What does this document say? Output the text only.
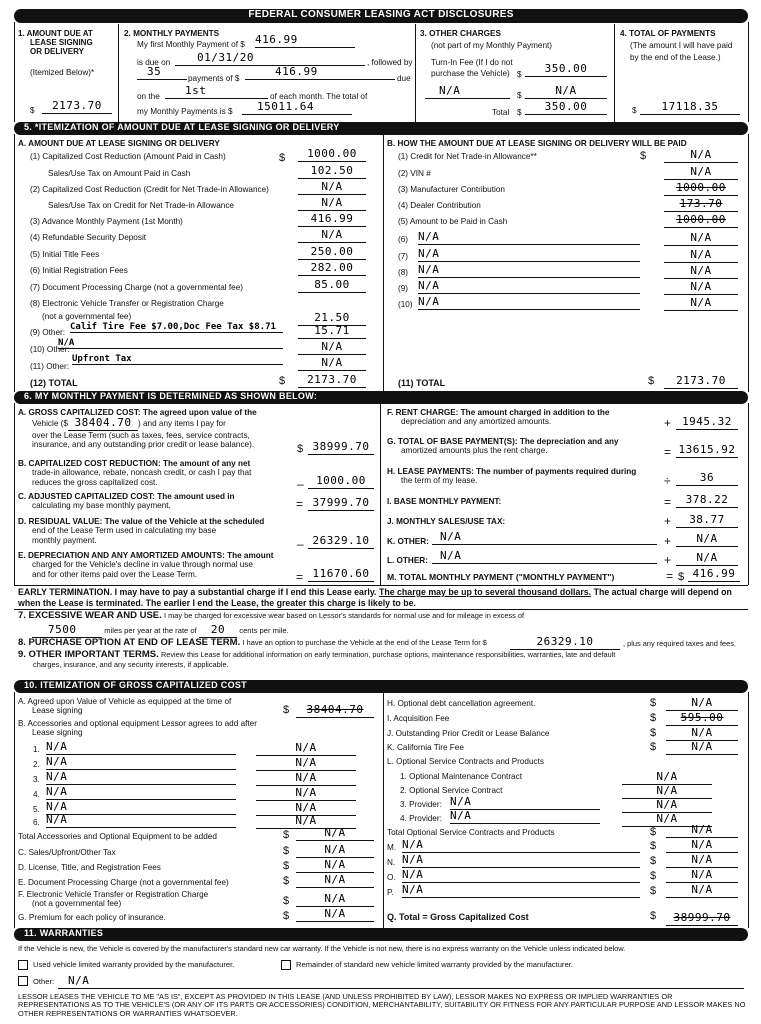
FEDERAL CONSUMER LEASING ACT DISCLOSURES
1. AMOUNT DUE AT
LEASE SIGNING
OR DELIVERY
(Itemized Below)*
$	2173.70
2. MONTHLY PAYMENTS
My first Monthly Payment of $ 416.99
is due on	01/31/20	, followed by
35
payments of $
416.99
due
on the	1st	of each month. The total of
my Monthly Payments is $	15011.64
3. OTHER CHARGES
(not part of my Monthly Payment)
Turn-In Fee (If I do not
purchase the Vehicle) $	350.00
N/A	$	N/A
Total $	350.00
4. TOTAL OF PAYMENTS
(The amount I will have paid
by the end of the Lease.)
$	17118.35
5. *ITEMIZATION OF AMOUNT DUE AT LEASE SIGNING OR DELIVERY
A. AMOUNT DUE AT LEASE SIGNING OR DELIVERY
$
(8) Electronic Vehicle Transfer or Registration Charge
(not a governmental fee)	21.50
(9) Other:
Calif Tire Fee $7.00,Doc Fee Tax $8.71	15.71
(10) Other:
N/A	N/A
(11) Other:
Upfront Tax	N/A
(12) TOTAL	$	2173.70
B. HOW THE AMOUNT DUE AT LEASE SIGNING OR DELIVERY WILL BE PAID
$
(11) TOTAL	$	2173.70
6. MY MONTHLY PAYMENT IS DETERMINED AS SHOWN BELOW:
A. GROSS CAPITALIZED COST: The agreed upon value of the
Vehicle ($ 38404.70 ) and any items I pay for
over the Lease Term (such as taxes, fees, service contracts,
insurance, and any outstanding prior credit or lease balance).	$ 38999.70
B. CAPITALIZED COST REDUCTION: The amount of any net
trade-in allowance, rebate, noncash credit, or cash I pay that
reduces the gross capitalized cost.	–	1000.00
C. ADJUSTED CAPITALIZED COST: The amount used in
calculating my base monthly payment.	= 37999.70
D. RESIDUAL VALUE: The value of the Vehicle at the scheduled
end of the Lease Term used in calculating my base
monthly payment.	– 26329.10
E. DEPRECIATION AND ANY AMORTIZED AMOUNTS: The amount
charged for the Vehicle's decline in value through normal use
and for other items paid over the Lease Term.	= 11670.60
F. RENT CHARGE: The amount charged in addition to the
depreciation and any amortized amounts.	+	1945.32
G. TOTAL OF BASE PAYMENT(S): The depreciation and any
amortized amounts plus the rent charge.	= 13615.92
H. LEASE PAYMENTS: The number of payments required during
the term of my lease.	÷	36
I. BASE MONTHLY PAYMENT:	=	378.22
J. MONTHLY SALES/USE TAX:	+	38.77
K. OTHER:	N/A	+	N/A
L. OTHER:	N/A	+	N/A
M. TOTAL MONTHLY PAYMENT ("MONTHLY PAYMENT")	= $ 416.99
EARLY TERMINATION. I may have to pay a substantial charge if I end this Lease early. The charge may be up to several thousand dollars. The actual charge will depend on when the Lease is terminated. The earlier I end the Lease, the greater this charge is likely to be.
7. EXCESSIVE WEAR AND USE. I may be charged for excessive wear based on Lessor's standards for normal use and for mileage in excess of
7500	miles per year at the rate of 20 cents per mile.
8. PURCHASE OPTION AT END OF LEASE TERM. I have an option to purchase the Vehicle at the end of the Lease Term for $	26329.10	, plus any required taxes and fees.
9. OTHER IMPORTANT TERMS. Review this Lease for additional information on early termination, purchase options, maintenance responsibilities, warranties, late and default
charges, insurance, and any security interests, if applicable.
10. ITEMIZATION OF GROSS CAPITALIZED COST
A. Agreed upon Value of Vehicle as equipped at the time of
Lease signing	$	38404.70
B. Accessories and optional equipment Lessor agrees to add after
Lease signing
Total Accessories and Optional Equipment to be added	$	N/A
F. Electronic Vehicle Transfer or Registration Charge
(not a governmental fee)	$	N/A
G. Premium for each policy of insurance.	$	N/A
L. Optional Service Contracts and Products
1. Optional Maintenance Contract	N/A
2. Optional Service Contract	N/A
3. Provider: N/A	N/A
4. Provider: N/A	N/A
Total Optional Service Contracts and Products	$	N/A
Q. Total = Gross Capitalized Cost	$	38999.70
11. WARRANTIES
If the Vehicle is new, the Vehicle is covered by the manufacturer's standard new car warranty. If the Vehicle is not new, there is no express warranty on the Vehicle unless indicated below.
Used vehicle limited warranty provided by the manufacturer.	Remainder of standard new vehicle limited warranty provided by the manufacturer.
Other:	N/A
LESSOR LEASES THE VEHICLE TO ME "AS IS", EXCEPT AS PROVIDED IN THIS LEASE (AND UNLESS PROHIBITED BY LAW), LESSOR MAKES NO EXPRESS OR IMPLIED WARRANTIES OR REPRESENTATIONS AS TO THE VEHICLE'S (OR ANY OF ITS PARTS OR ACCESSORIES) CONDITION, MERCHANTABILITY, SUITABILITY OR FITNESS FOR ANY PARTICULAR PURPOSE AND LESSOR MAKES NO OTHER REPRESENTATIONS OR WARRANTIES WHATSOEVER.
(1) Capitalized Cost Reduction (Amount Paid in Cash)	1000.00
Sales/Use Tax on Amount Paid in Cash	102.50
(2) Capitalized Cost Reduction (Credit for Net Trade-in Allowance)	N/A
Sales/Use Tax on Credit for Net Trade-in Allowance	N/A
(3) Advance Monthly Payment (1st Month)	416.99
(4) Refundable Security Deposit	N/A
(5) Initial Title Fees	250.00
(6) Initial Registration Fees	282.00
(7) Document Processing Charge (not a governmental fee)	85.00
(1) Credit for Net Trade-in Allowance**	N/A
(2) VIN #	N/A
(3) Manufacturer Contribution	1000.00
(4) Dealer Contribution	173.70
(5) Amount to be Paid in Cash	1000.00
(6) N/A	N/A
(7) N/A	N/A
(8) N/A	N/A
(9) N/A	N/A
(10) N/A	N/A
1. N/A	N/A
2. N/A	N/A
3. N/A	N/A
4. N/A	N/A
5. N/A	N/A
6. N/A	N/A
C. Sales/Upfront/Other Tax	$	N/A
D. License, Title, and Registration Fees	$	N/A
E. Document Processing Charge (not a governmental fee)	$	N/A
H. Optional debt cancellation agreement.	$	N/A
I. Acquisition Fee	$	595.00
J. Outstanding Prior Credit or Lease Balance	$	N/A
K. California Tire Fee	$	N/A
M. N/A	$	N/A
N. N/A	$	N/A
O. N/A	$	N/A
P. N/A	$	N/A
